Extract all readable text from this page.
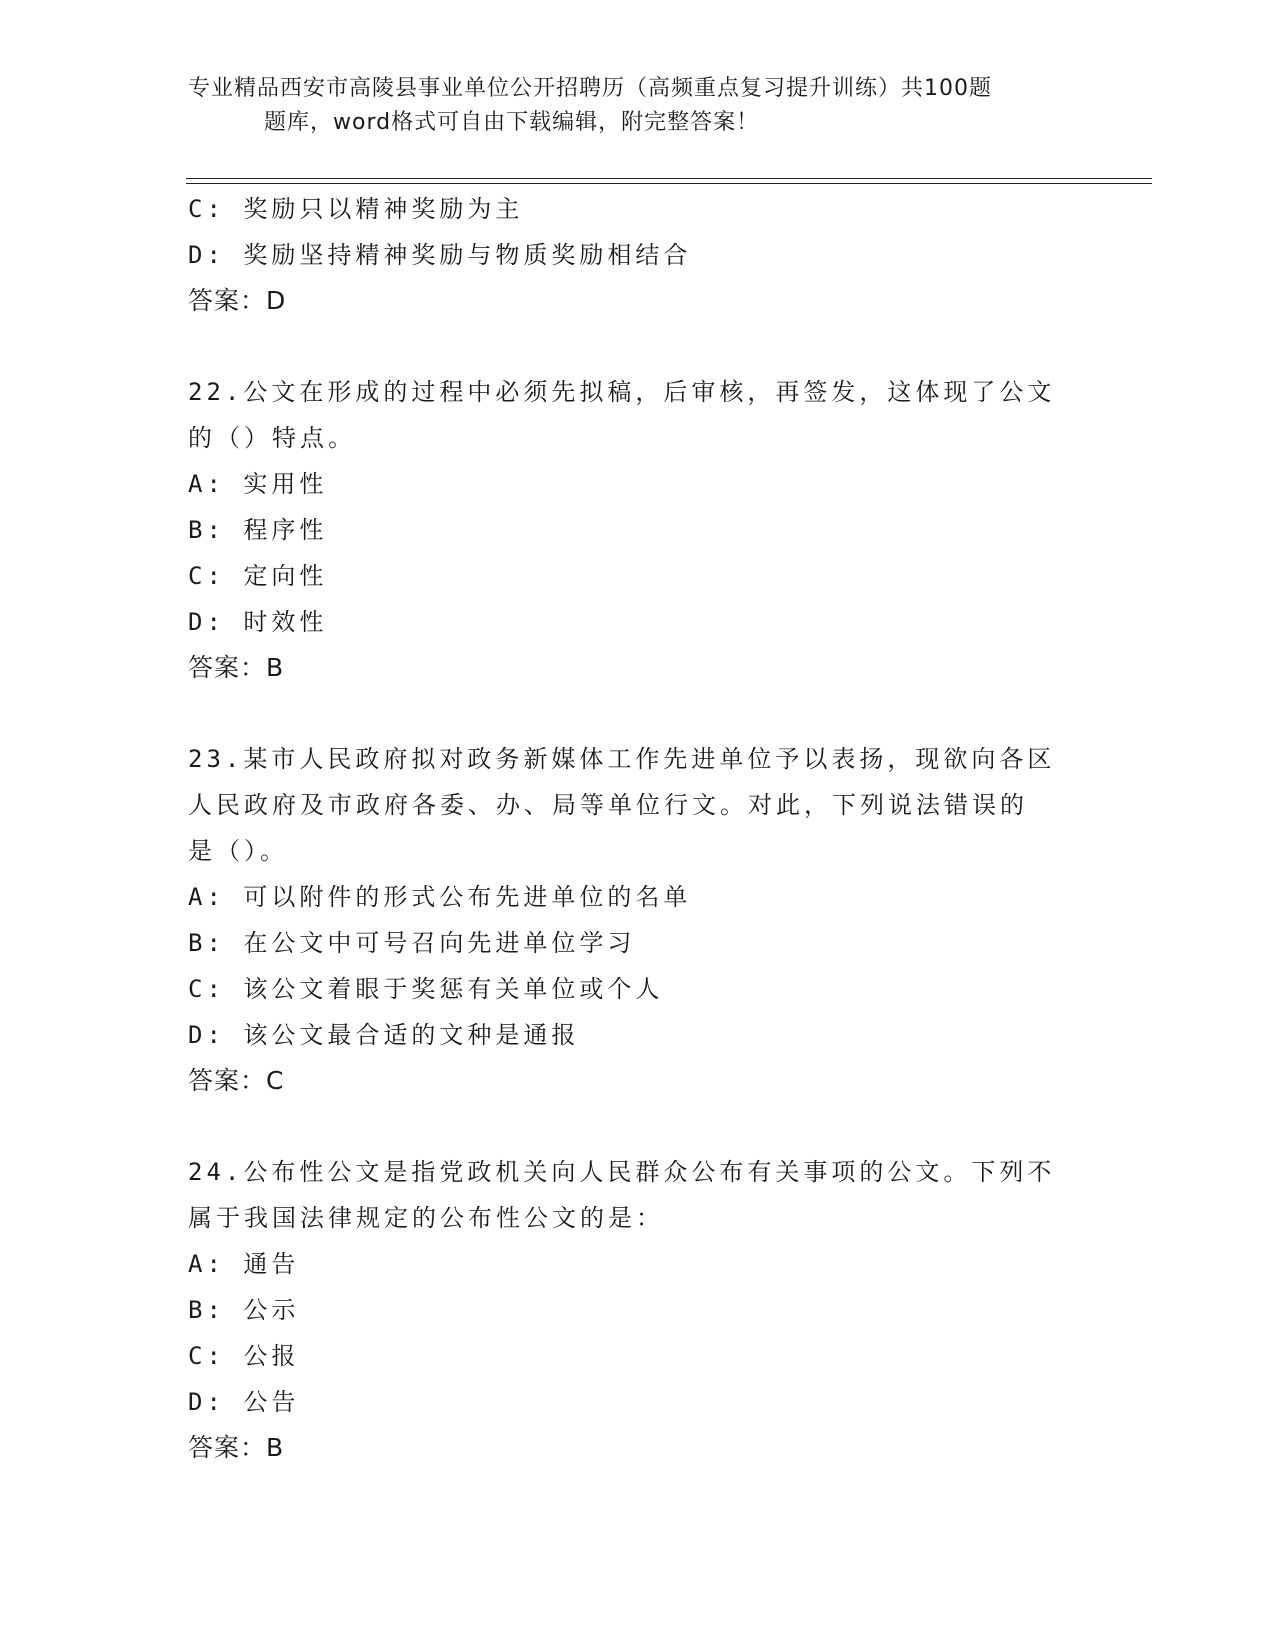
专业精品西安市高陵县事业单位公开招聘历（高频重点复习提升训练）共100题
题库，word格式可自由下载编辑，附完整答案！
C: 奖励只以精神奖励为主
D: 奖励坚持精神奖励与物质奖励相结合
答案：D
22.公文在形成的过程中必须先拟稿，后审核，再签发，这体现了公文
的（）特点。
A: 实用性
B: 程序性
C: 定向性
D: 时效性
答案：B
23.某市人民政府拟对政务新媒体工作先进单位予以表扬，现欲向各区
人民政府及市政府各委、办、局等单位行文。对此，下列说法错误的
是（）。
A: 可以附件的形式公布先进单位的名单
B: 在公文中可号召向先进单位学习
C: 该公文着眼于奖惩有关单位或个人
D: 该公文最合适的文种是通报
答案：C
24.公布性公文是指党政机关向人民群众公布有关事项的公文。下列不
属于我国法律规定的公布性公文的是：
A: 通告
B: 公示
C: 公报
D: 公告
答案：B
